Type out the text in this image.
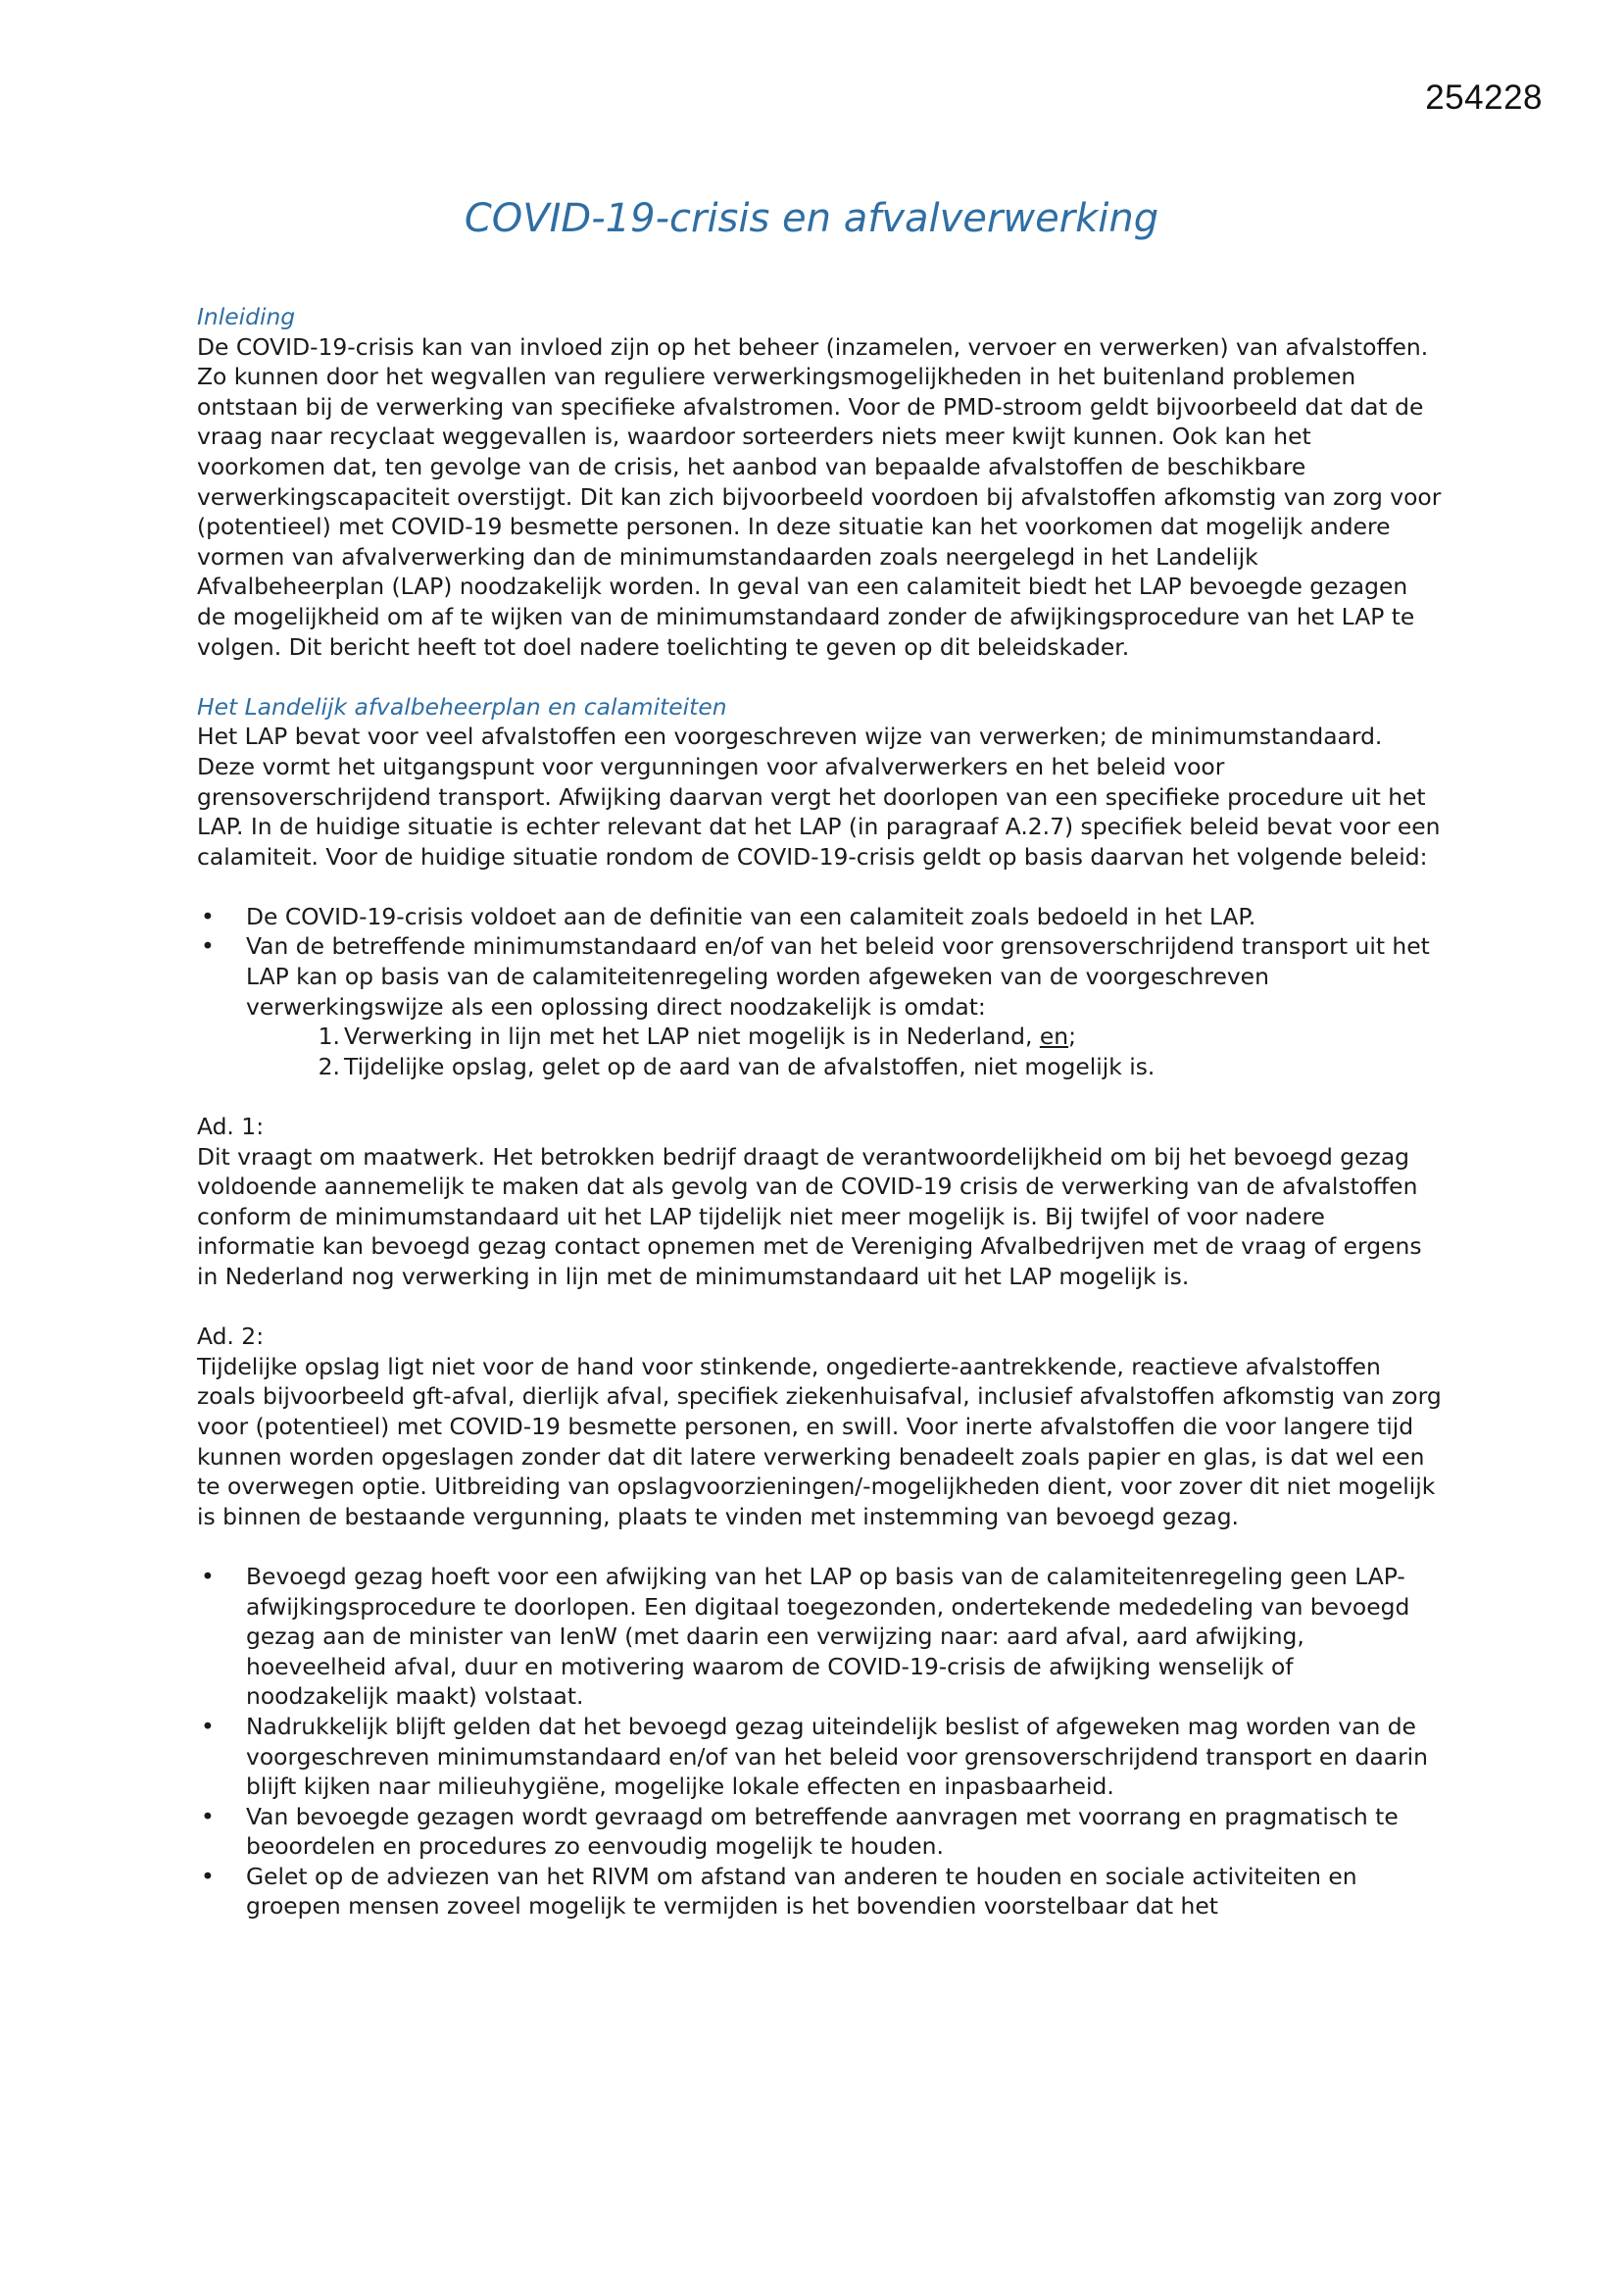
254228
COVID-19-crisis en afvalverwerking

Inleiding

De COVID-19-crisis kan van invloed zijn op het beheer (inzamelen, vervoer en verwerken) van afvalstoffen. Zo kunnen door het wegvallen van reguliere verwerkingsmogelijkheden in het buitenland problemen ontstaan bij de verwerking van specifieke afvalstromen. Voor de PMD-stroom geldt bijvoorbeeld dat dat de vraag naar recyclaat weggevallen is, waardoor sorteerders niets meer kwijt kunnen. Ook kan het voorkomen dat, ten gevolge van de crisis, het aanbod van bepaalde afvalstoffen de beschikbare verwerkingscapaciteit overstijgt. Dit kan zich bijvoorbeeld voordoen bij afvalstoffen afkomstig van zorg voor (potentieel) met COVID-19 besmette personen. In deze situatie kan het voorkomen dat mogelijk andere vormen van afvalverwerking dan de minimumstandaarden zoals neergelegd in het Landelijk Afvalbeheerplan (LAP) noodzakelijk worden. In geval van een calamiteit biedt het LAP bevoegde gezagen de mogelijkheid om af te wijken van de minimumstandaard zonder de afwijkingsprocedure van het LAP te volgen. Dit bericht heeft tot doel nadere toelichting te geven op dit beleidskader.

Het Landelijk afvalbeheerplan en calamiteiten

Het LAP bevat voor veel afvalstoffen een voorgeschreven wijze van verwerken; de minimumstandaard. Deze vormt het uitgangspunt voor vergunningen voor afvalverwerkers en het beleid voor grensoverschrijdend transport. Afwijking daarvan vergt het doorlopen van een specifieke procedure uit het LAP. In de huidige situatie is echter relevant dat het LAP (in paragraaf A.2.7) specifiek beleid bevat voor een calamiteit. Voor de huidige situatie rondom de COVID-19-crisis geldt op basis daarvan het volgende beleid:

• De COVID-19-crisis voldoet aan de definitie van een calamiteit zoals bedoeld in het LAP.
• Van de betreffende minimumstandaard en/of van het beleid voor grensoverschrijdend transport uit het LAP kan op basis van de calamiteitenregeling worden afgeweken van de voorgeschreven verwerkingswijze als een oplossing direct noodzakelijk is omdat:
1. Verwerking in lijn met het LAP niet mogelijk is in Nederland, en;
2. Tijdelijke opslag, gelet op de aard van de afvalstoffen, niet mogelijk is.

Ad. 1:

Dit vraagt om maatwerk. Het betrokken bedrijf draagt de verantwoordelijkheid om bij het bevoegd gezag voldoende aannemelijk te maken dat als gevolg van de COVID-19 crisis de verwerking van de afvalstoffen conform de minimumstandaard uit het LAP tijdelijk niet meer mogelijk is. Bij twijfel of voor nadere informatie kan bevoegd gezag contact opnemen met de Vereniging Afvalbedrijven met de vraag of ergens in Nederland nog verwerking in lijn met de minimumstandaard uit het LAP mogelijk is.

Ad. 2:

Tijdelijke opslag ligt niet voor de hand voor stinkende, ongedierte-aantrekkende, reactieve afvalstoffen zoals bijvoorbeeld gft-afval, dierlijk afval, specifiek ziekenhuisafval, inclusief afvalstoffen afkomstig van zorg voor (potentieel) met COVID-19 besmette personen, en swill. Voor inerte afvalstoffen die voor langere tijd kunnen worden opgeslagen zonder dat dit latere verwerking benadeelt zoals papier en glas, is dat wel een te overwegen optie. Uitbreiding van opslagvoorzieningen/-mogelijkheden dient, voor zover dit niet mogelijk is binnen de bestaande vergunning, plaats te vinden met instemming van bevoegd gezag.

• Bevoegd gezag hoeft voor een afwijking van het LAP op basis van de calamiteitenregeling geen LAP-afwijkingsprocedure te doorlopen. Een digitaal toegezonden, ondertekende mededeling van bevoegd gezag aan de minister van IenW (met daarin een verwijzing naar: aard afval, aard afwijking, hoeveelheid afval, duur en motivering waarom de COVID-19-crisis de afwijking wenselijk of noodzakelijk maakt) volstaat.
• Nadrukkelijk blijft gelden dat het bevoegd gezag uiteindelijk beslist of afgeweken mag worden van de voorgeschreven minimumstandaard en/of van het beleid voor grensoverschrijdend transport en daarin blijft kijken naar milieuhygiëne, mogelijke lokale effecten en inpasbaarheid.
• Van bevoegde gezagen wordt gevraagd om betreffende aanvragen met voorrang en pragmatisch te beoordelen en procedures zo eenvoudig mogelijk te houden.
• Gelet op de adviezen van het RIVM om afstand van anderen te houden en sociale activiteiten en groepen mensen zoveel mogelijk te vermijden is het bovendien voorstelbaar dat het
